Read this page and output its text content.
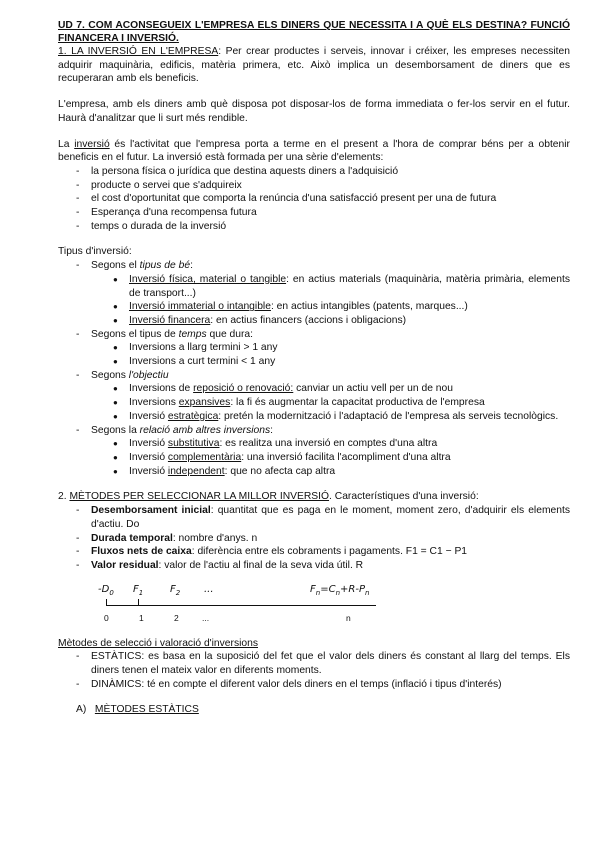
UD 7. COM ACONSEGUEIX L'EMPRESA ELS DINERS QUE NECESSITA I A QUÈ ELS DESTINA? FUNCIÓ FINANCERA I INVERSIÓ.

1. LA INVERSIÓ EN L'EMPRESA: Per crear productes i serveis, innovar i créixer, les empreses necessiten adquirir maquinària, edificis, matèria primera, etc. Això implica un desemborsament de diners que es recuperaran amb els beneficis.

L'empresa, amb els diners amb què disposa pot disposar-los de forma immediata o fer-los servir en el futur. Haurà d'analitzar que li surt més rendible.

La inversió és l'activitat que l'empresa porta a terme en el present a l'hora de comprar béns per a obtenir beneficis en el futur. La inversió està formada per una sèrie d'elements:

- la persona física o jurídica que destina aquests diners a l'adquisició
- producte o servei que s'adquireix
- el cost d'oportunitat que comporta la renúncia d'una satisfacció present per una de futura
- Esperança d'una recompensa futura
- temps o durada de la inversió

Tipus d'inversió:

- Segons el tipus de bé:
● Inversió física, material o tangible: en actius materials (maquinària, matèria primària, elements de transport...)
● Inversió immaterial o intangible: en actius intangibles (patents, marques...)
● Inversió financera: en actius financers (accions i obligacions)
- Segons el tipus de temps que dura:
● Inversions a llarg termini > 1 any
● Inversions a curt termini < 1 any
- Segons l'objectiu
● Inversions de reposició o renovació: canviar un actiu vell per un de nou
● Inversions expansives: la fi és augmentar la capacitat productiva de l'empresa
● Inversió estratègica: pretén la modernització i l'adaptació de l'empresa als serveis tecnològics.
- Segons la relació amb altres inversions:
● Inversió substitutiva: es realitza una inversió en comptes d'una altra
● Inversió complementària: una inversió facilita l'acompliment d'una altra
● Inversió independent: que no afecta cap altra

2. MÈTODES PER SELECCIONAR LA MILLOR INVERSIÓ. Característiques d'una inversió:

- Desemborsament inicial: quantitat que es paga en le moment, moment zero, d'adquirir els elements d'actiu. Do
- Durada temporal: nombre d'anys. n
- Fluxos nets de caixa: diferència entre els cobraments i pagaments. F1 = C1 − P1
- Valor residual: valor de l'actiu al final de la seva vida útil. R
$-D_0$ $F_1$	$F_2$ ...	$F_n=C_n+R-P_n$
0	1	2	...	n

Mètodes de selecció i valoració d'inversions

- ESTÀTICS: es basa en la suposició del fet que el valor dels diners és constant al llarg del temps. Els diners tenen el mateix valor en diferents moments.
- DINÀMICS: té en compte el diferent valor dels diners en el temps (inflació i tipus d'interés)

A) MÈTODES ESTÀTICS
